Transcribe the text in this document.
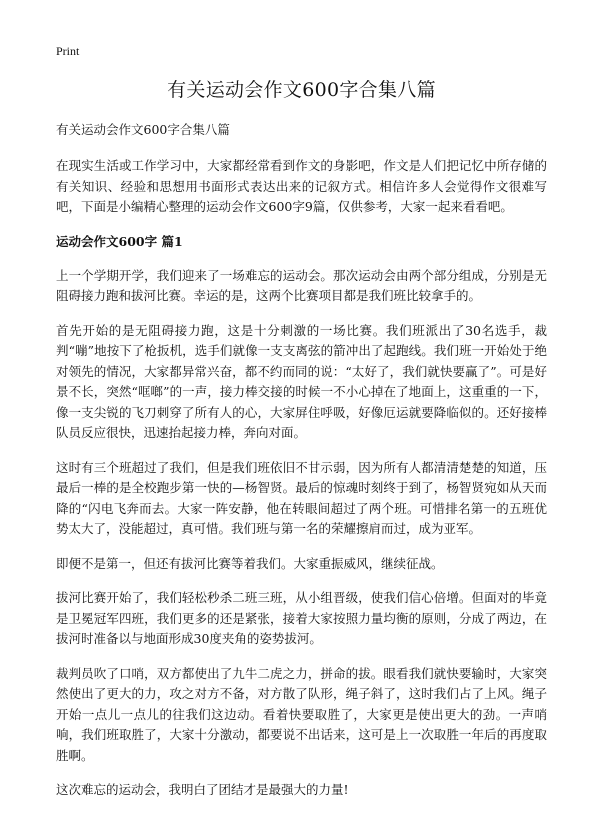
Print
有关运动会作文600字合集八篇

有关运动会作文600字合集八篇

在现实生活或工作学习中，大家都经常看到作文的身影吧，作文是人们把记忆中所存储的有关知识、经验和思想用书面形式表达出来的记叙方式。相信许多人会觉得作文很难写吧，下面是小编精心整理的运动会作文600字9篇，仅供参考，大家一起来看看吧。

运动会作文600字 篇1

上一个学期开学，我们迎来了一场难忘的运动会。那次运动会由两个部分组成，分别是无阻碍接力跑和拔河比赛。幸运的是，这两个比赛项目都是我们班比较拿手的。

首先开始的是无阻碍接力跑，这是十分刺激的一场比赛。我们班派出了30名选手，裁判“嘣”地按下了枪扳机，选手们就像一支支离弦的箭冲出了起跑线。我们班一开始处于绝对领先的情况，大家都异常兴奋，都不约而同的说：“太好了，我们就快要赢了”。可是好景不长，突然“哐啷”的一声，接力棒交接的时候一不小心掉在了地面上，这重重的一下，像一支尖锐的飞刀刺穿了所有人的心，大家屏住呼吸，好像厄运就要降临似的。还好接棒队员反应很快，迅速抬起接力棒，奔向对面。

这时有三个班超过了我们，但是我们班依旧不甘示弱，因为所有人都清清楚楚的知道，压最后一棒的是全校跑步第一快的—杨智贤。最后的惊魂时刻终于到了，杨智贤宛如从天而降的“闪电飞奔而去。大家一阵安静，他在转眼间超过了两个班。可惜排名第一的五班优势太大了，没能超过，真可惜。我们班与第一名的荣耀擦肩而过，成为亚军。

即便不是第一，但还有拔河比赛等着我们。大家重振威风，继续征战。

拔河比赛开始了，我们轻松秒杀二班三班，从小组晋级，使我们信心倍增。但面对的毕竟是卫冕冠军四班，我们更多的还是紧张，接着大家按照力量均衡的原则，分成了两边，在拔河时准备以与地面形成30度夹角的姿势拔河。

裁判员吹了口哨，双方都使出了九牛二虎之力，拼命的拔。眼看我们就快要输时，大家突然使出了更大的力，攻之对方不备，对方散了队形，绳子斜了，这时我们占了上风。绳子开始一点儿一点儿的往我们这边动。看着快要取胜了，大家更是使出更大的劲。一声哨响，我们班取胜了，大家十分激动，都要说不出话来，这可是上一次取胜一年后的再度取胜啊。

这次难忘的运动会，我明白了团结才是最强大的力量!
